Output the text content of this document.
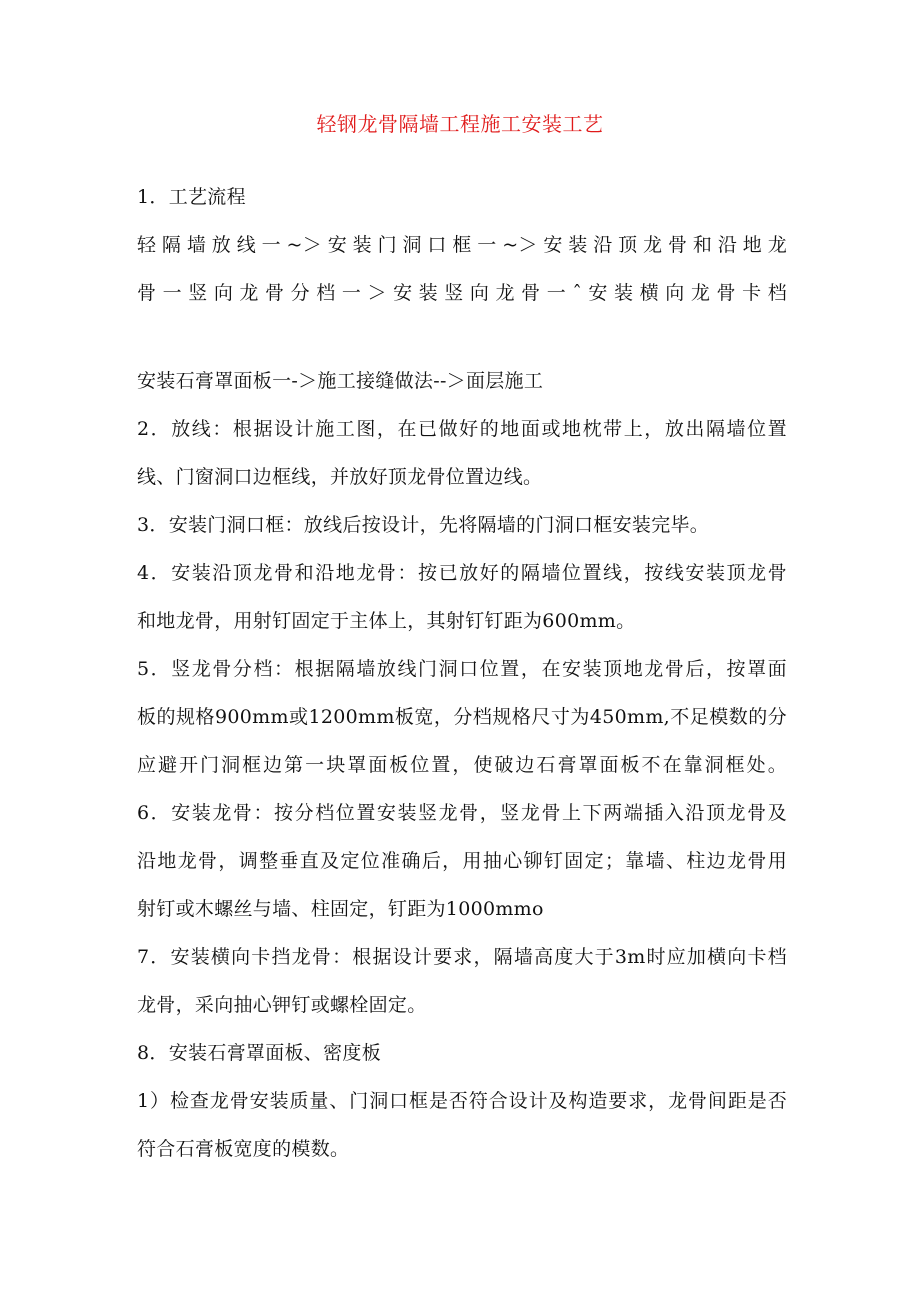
轻钢龙骨隔墙工程施工安装工艺
1．工艺流程
轻隔墙放线一~＞安装门洞口框一~＞安装沿顶龙骨和沿地龙
骨一竖向龙骨分档一＞安装竖向龙骨一ˆ安装横向龙骨卡档
安装石膏罩面板一-＞施工接缝做法--＞面层施工
2．放线：根据设计施工图，在已做好的地面或地枕带上，放出隔墙位置
线、门窗洞口边框线，并放好顶龙骨位置边线。
3．安装门洞口框：放线后按设计，先将隔墙的门洞口框安装完毕。
4．安装沿顶龙骨和沿地龙骨：按已放好的隔墙位置线，按线安装顶龙骨
和地龙骨，用射钉固定于主体上，其射钉钉距为600mm。
5．竖龙骨分档：根据隔墙放线门洞口位置，在安装顶地龙骨后，按罩面
板的规格900mm或1200mm板宽，分档规格尺寸为450mm,不足模数的分
应避开门洞框边第一块罩面板位置，使破边石膏罩面板不在靠洞框处。
6．安装龙骨：按分档位置安装竖龙骨，竖龙骨上下两端插入沿顶龙骨及
沿地龙骨，调整垂直及定位准确后，用抽心铆钉固定；靠墙、柱边龙骨用
射钉或木螺丝与墙、柱固定，钉距为1000mmo
7．安装横向卡挡龙骨：根据设计要求，隔墙高度大于3m时应加横向卡档
龙骨，采向抽心钾钉或螺栓固定。
8．安装石膏罩面板、密度板
1）检查龙骨安装质量、门洞口框是否符合设计及构造要求，龙骨间距是否
符合石膏板宽度的模数。
